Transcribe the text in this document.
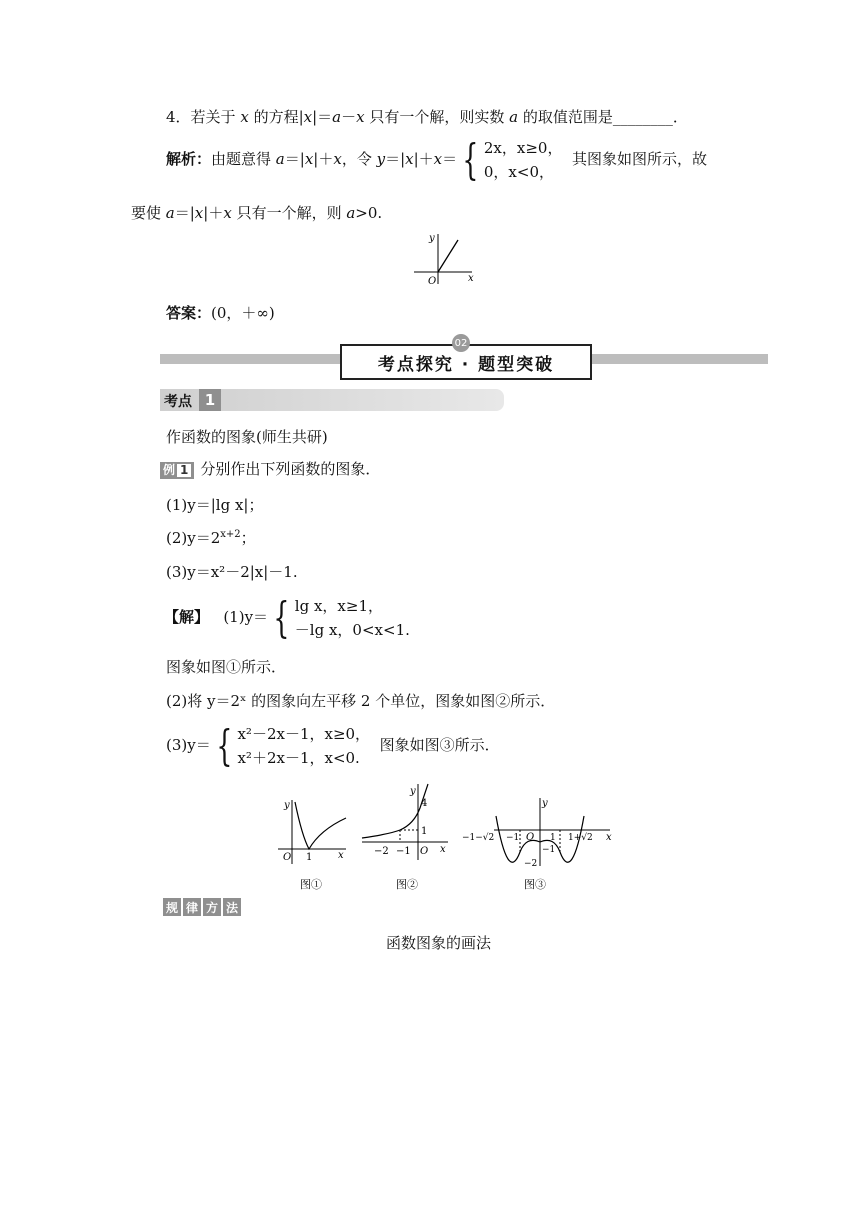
4．若关于 x 的方程|x|＝a－x 只有一个解，则实数 a 的取值范围是________．
解析：由题意得 a＝|x|＋x，令 y＝|x|＋x＝ { 2x，x≥0，
0，x<0，  其图象如图所示，故
要使 a＝|x|＋x 只有一个解，则 a>0.
y
x
O
答案：(0，＋∞)
考点探究 · 题型突破
02
考点 1
作函数的图象(师生共研)
例 1 分别作出下列函数的图象．
(1)y＝|lg x|；
$(2)y=2^{x+2}$；
(3)y＝x²－2|x|－1.
【解】 (1)y＝ { lg x，x≥1，
－lg x，0<x<1.
图象如图①所示．
(2)将 y＝2ˣ 的图象向左平移 2 个单位，图象如图②所示．
(3)y＝ { x²－2x－1，x≥0，
x²＋2x－1，x<0.  图象如图③所示．
y
x
O 1
图①
y
x
O
−2 −1
1
4
图②
y
x
O
−1−√2 −1	1 1+√2
−1
−2
图③
规 律 方 法
函数图象的画法
